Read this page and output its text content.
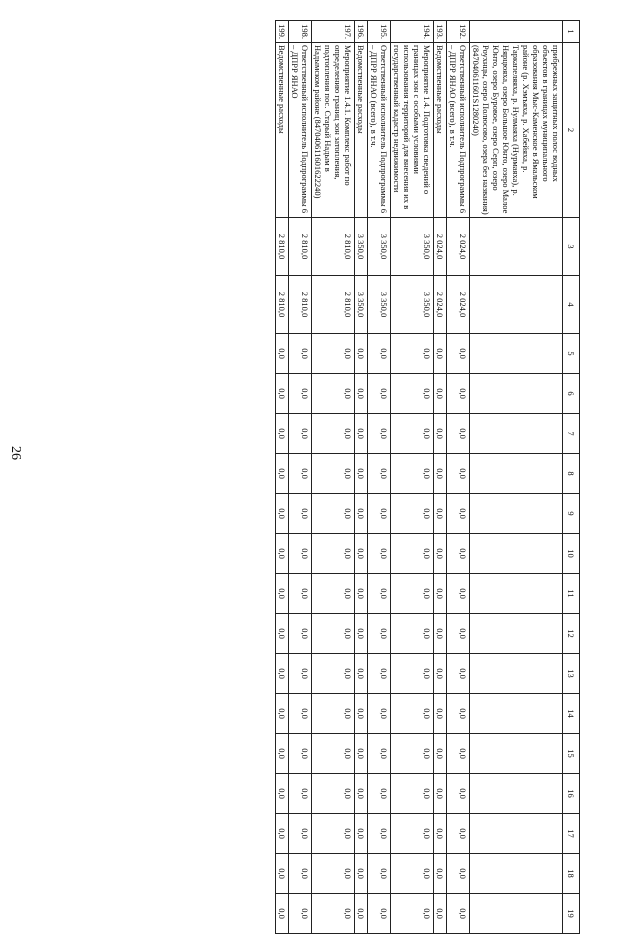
26
1	2	3	4	5	6	7	8	9	10	11	12	13	14	15	16	17	18	19
	прибрежных защитных полос водных объектов в границах муниципального образования Мыс-Каменское в Ямальском районе (р. Хэмъяха, р. Хабейяха, р. Таркапеляяха, р. Нулмаяха (Нурмаяха), р. Нярцюяха, озеро Большое Юнто, озеро Малое Юнто, озеро Буровое, озеро Серп, озеро Роухнцы, озеро Полюсово, озера без названия) (847040611601S1280240)																	
192.	Ответственный исполнитель Подпрограммы 6 – ДПРР ЯНАО (всего), в т.ч.	2 024,0	2 024,0	0,0	0,0	0,0	0,0	0,0	0,0	0,0	0,0	0,0	0,0	0,0	0,0	0,0	0,0	0,0
193.	Ведомственные расходы	2 024,0	2 024,0	0,0	0,0	0,0	0,0	0,0	0,0	0,0	0,0	0,0	0,0	0,0	0,0	0,0	0,0	0,0
194.	Мероприятие 1.4. Подготовка сведений о границах зон с особыми условиями использования территорий для внесения их в государственный кадастр недвижимости	3 350,0	3 350,0	0,0	0,0	0,0	0,0	0,0	0,0	0,0	0,0	0,0	0,0	0,0	0,0	0,0	0,0	0,0
195.	Ответственный исполнитель Подпрограммы 6 – ДПРР ЯНАО (всего), в т.ч.	3 350,0	3 350,0	0,0	0,0	0,0	0,0	0,0	0,0	0,0	0,0	0,0	0,0	0,0	0,0	0,0	0,0	0,0
196.	Ведомственные расходы	3 350,0	3 350,0	0,0	0,0	0,0	0,0	0,0	0,0	0,0	0,0	0,0	0,0	0,0	0,0	0,0	0,0	0,0
197.	Мероприятие 1.4.1. Комплекс работ по определению границ зон затопления, подтопления пос. Старый Надым в Надымском районе (847040611601622240)	2 810,0	2 810,0	0,0	0,0	0,0	0,0	0,0	0,0	0,0	0,0	0,0	0,0	0,0	0,0	0,0	0,0	0,0
198.	Ответственный исполнитель Подпрограммы 6 – ДПРР ЯНАО	2 810,0	2 810,0	0,0	0,0	0,0	0,0	0,0	0,0	0,0	0,0	0,0	0,0	0,0	0,0	0,0	0,0	0,0
199.	Ведомственные расходы	2 810,0	2 810,0	0,0	0,0	0,0	0,0	0,0	0,0	0,0	0,0	0,0	0,0	0,0	0,0	0,0	0,0	0,0
